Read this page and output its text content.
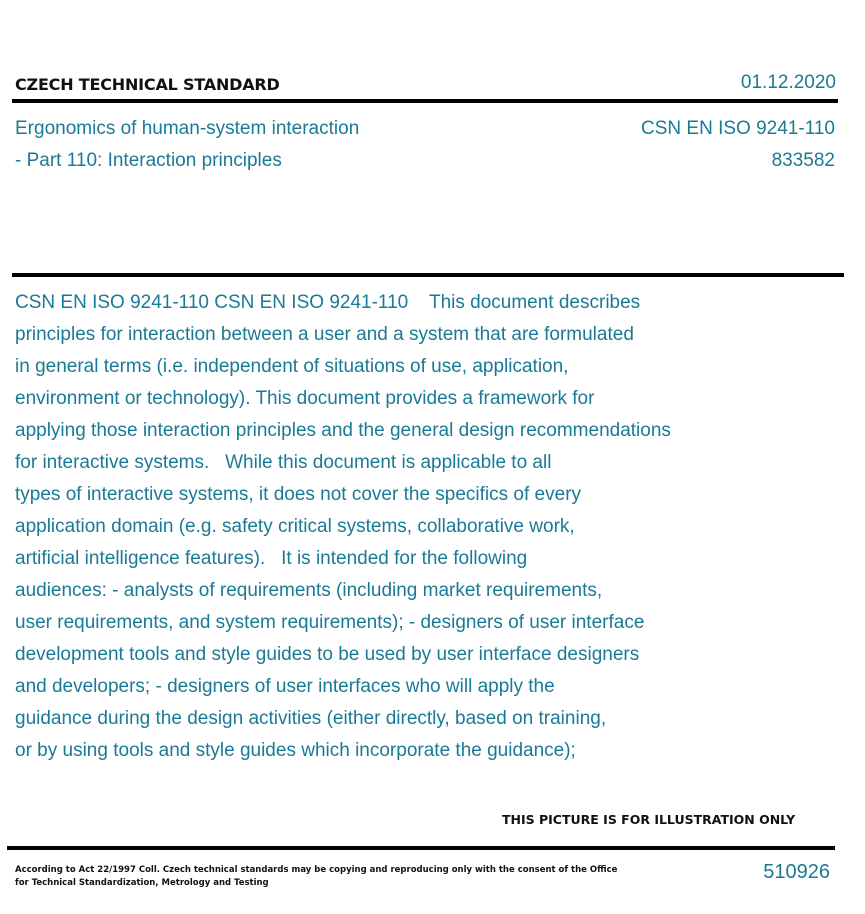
CZECH TECHNICAL STANDARD	01.12.2020
Ergonomics of human-system interaction
- Part 110: Interaction principles
CSN EN ISO 9241-110
833582
CSN EN ISO 9241-110 CSN EN ISO 9241-110    This document describes
principles for interaction between a user and a system that are formulated
in general terms (i.e. independent of situations of use, application,
environment or technology). This document provides a framework for
applying those interaction principles and the general design recommendations
for interactive systems.   While this document is applicable to all
types of interactive systems, it does not cover the specifics of every
application domain (e.g. safety critical systems, collaborative work,
artificial intelligence features).   It is intended for the following
audiences: - analysts of requirements (including market requirements,
user requirements, and system requirements); - designers of user interface
development tools and style guides to be used by user interface designers
and developers; - designers of user interfaces who will apply the
guidance during the design activities (either directly, based on training,
or by using tools and style guides which incorporate the guidance);
THIS PICTURE IS FOR ILLUSTRATION ONLY
According to Act 22/1997 Coll. Czech technical standards may be copying and reproducing only with the consent of the Office
for Technical Standardization, Metrology and Testing	510926
